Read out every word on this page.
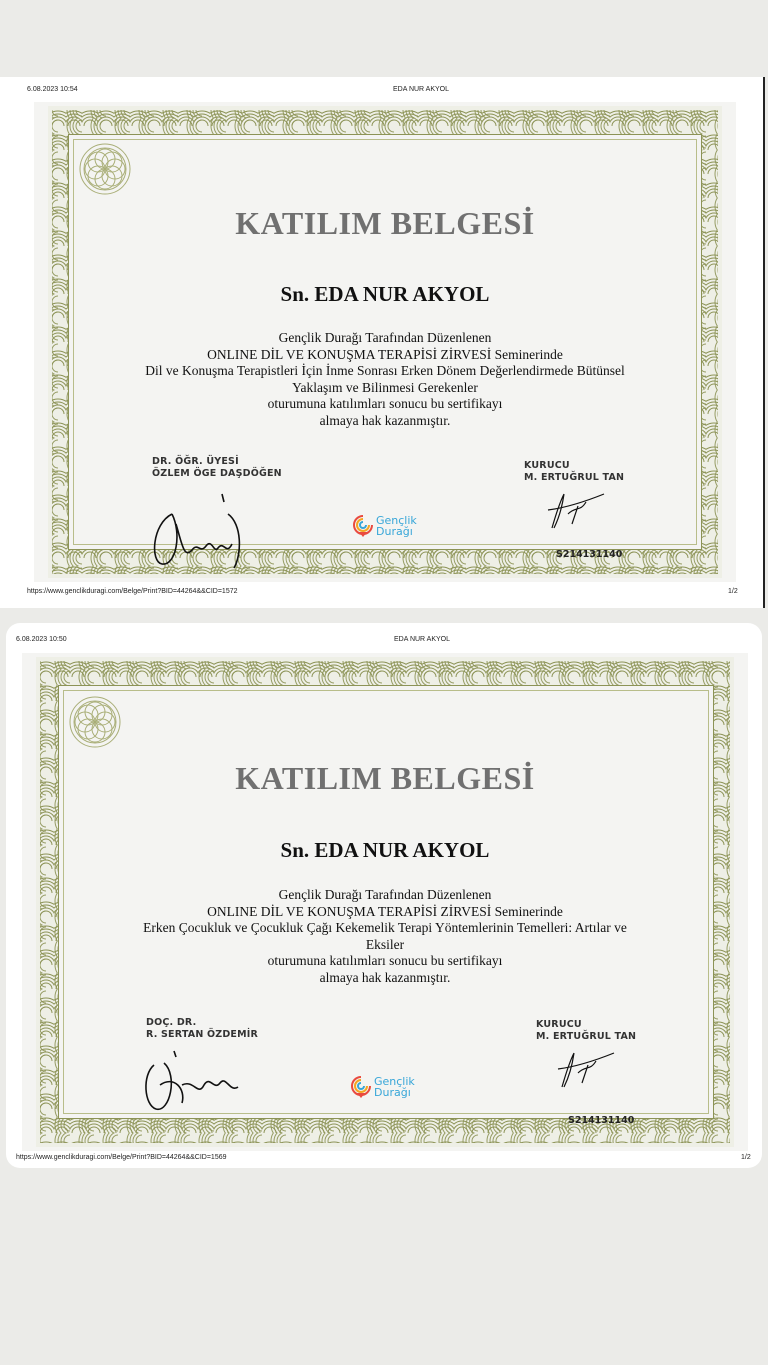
6.08.2023 10:54	EDA NUR AKYOL
KATILIM BELGESİ
Sn. EDA NUR AKYOL
Gençlik Durağı Tarafından Düzenlenen
ONLINE DİL VE KONUŞMA TERAPİSİ ZİRVESİ Seminerinde
Dil ve Konuşma Terapistleri İçin İnme Sonrası Erken Dönem Değerlendirmede Bütünsel
Yaklaşım ve Bilinmesi Gerekenler
oturumuna katılımları sonucu bu sertifikayı
almaya hak kazanmıştır.
DR. ÖĞR. ÜYESİ
ÖZLEM ÖGE DAŞDÖĞEN
KURUCU
M. ERTUĞRUL TAN
S214131140
Gençlik
Durağı
https://www.genclikduragi.com/Belge/Print?BID=44264&&CID=1572	1/2
6.08.2023 10:50	EDA NUR AKYOL
KATILIM BELGESİ
Sn. EDA NUR AKYOL
Gençlik Durağı Tarafından Düzenlenen
ONLINE DİL VE KONUŞMA TERAPİSİ ZİRVESİ Seminerinde
Erken Çocukluk ve Çocukluk Çağı Kekemelik Terapi Yöntemlerinin Temelleri: Artılar ve
Eksiler
oturumuna katılımları sonucu bu sertifikayı
almaya hak kazanmıştır.
DOÇ. DR.
R. SERTAN ÖZDEMİR
KURUCU
M. ERTUĞRUL TAN
S214131140
Gençlik
Durağı
https://www.genclikduragi.com/Belge/Print?BID=44264&&CID=1569	1/2
